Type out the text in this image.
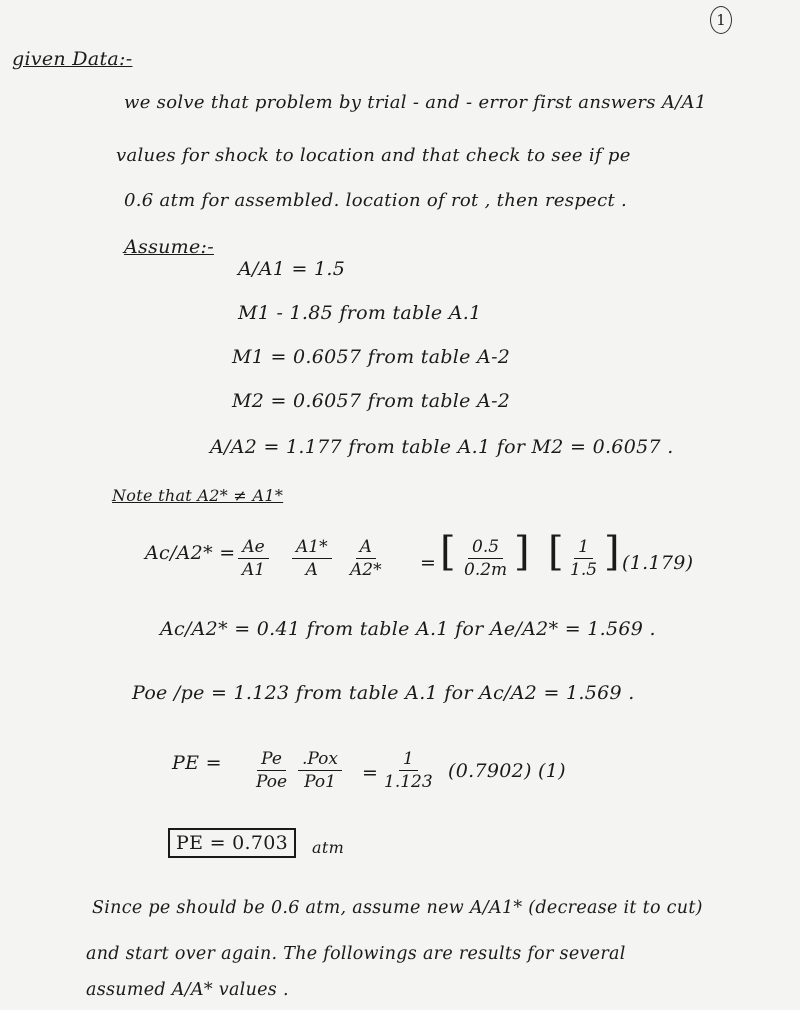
1
given Data:-
we solve that problem by trial - and - error first answers A/A1
values for shock to location and that check to see if pe
0.6 atm for assembled. location of rot , then respect .
Assume:-
A/A1 = 1.5
M1 - 1.85 from table A.1
M1 = 0.6057 from table A-2
M2 = 0.6057 from table A-2
A/A2 = 1.177 from table A.1 for M2 = 0.6057 .
Note that A2* ≠ A1*
$Ac/A2* = \frac{Ae}{A1} \frac{A1*}{A} \frac{A}{A2*}$ = [ $\frac{0.5}{0.2m}$ ] [ $\frac{1}{1.5}$ ] (1.179)
Ac/A2* = 0.41 from table A.1 for Ae/A2* = 1.569 .
Poe /pe = 1.123 from table A.1 for Ac/A2 = 1.569 .
PE = Pe
Poe
.Pox
$Po1 = \frac{1}{1.123} (0.7902)$ (1)
PE = 0.703	atm
Since pe should be 0.6 atm, assume new A/A1* (decrease it to cut)
and start over again. The followings are results for several
assumed A/A* values .
